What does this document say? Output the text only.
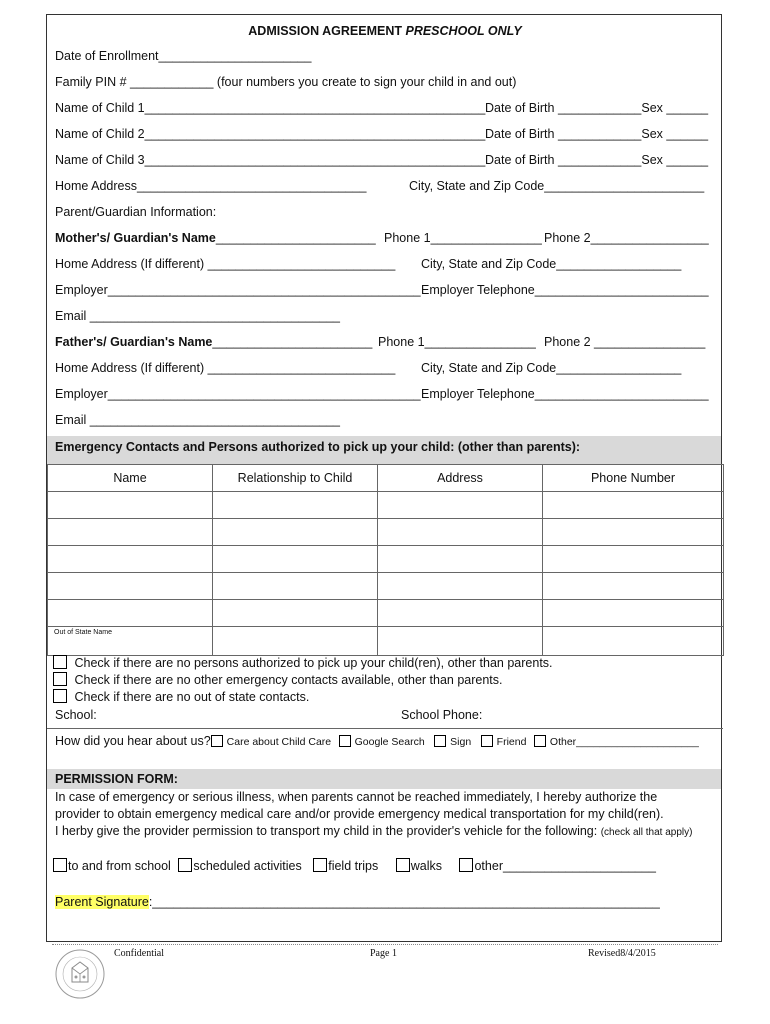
ADMISSION AGREEMENT PRESCHOOL ONLY
Date of Enrollment______________________
Family PIN # ____________ (four numbers you create to sign your child in and out)
Name of Child 1_________________________________________________ Date of Birth ____________Sex ______
Name of Child 2_________________________________________________ Date of Birth ____________Sex ______
Name of Child 3_________________________________________________ Date of Birth ____________Sex ______
Home Address_________________________________	City, State and Zip Code_______________________
Parent/Guardian Information:
Mother's/ Guardian's Name_______________________ Phone 1________________ Phone 2_________________
Home Address (If different) ___________________________ City, State and Zip Code__________________
Employer_____________________________________________ Employer Telephone_________________________
Email ____________________________________
Father's/ Guardian's Name_______________________ Phone 1________________ Phone 2 ________________
Home Address (If different) ___________________________ City, State and Zip Code__________________
Employer_____________________________________________ Employer Telephone_________________________
Email ____________________________________
Emergency Contacts and Persons authorized to pick up your child: (other than parents):
Name	Relationship to Child	Address	Phone Number

Out of State Name			
Check if there are no persons authorized to pick up your child(ren), other than parents.
Check if there are no other emergency contacts available, other than parents.
Check if there are no out of state contacts.
School:	School Phone:
How did you hear about us? Care about Child Care Google Search Sign Friend Other_____________________
PERMISSION FORM:
In case of emergency or serious illness, when parents cannot be reached immediately, I hereby authorize the
provider to obtain emergency medical care and/or provide emergency medical transportation for my child(ren).
I herby give the provider permission to transport my child in the provider's vehicle for the following: (check all that apply)
to and from school scheduled activities field trips	walks	other______________________
Parent Signature:_________________________________________________________________________
Confidential	Page 1	Revised8/4/2015
